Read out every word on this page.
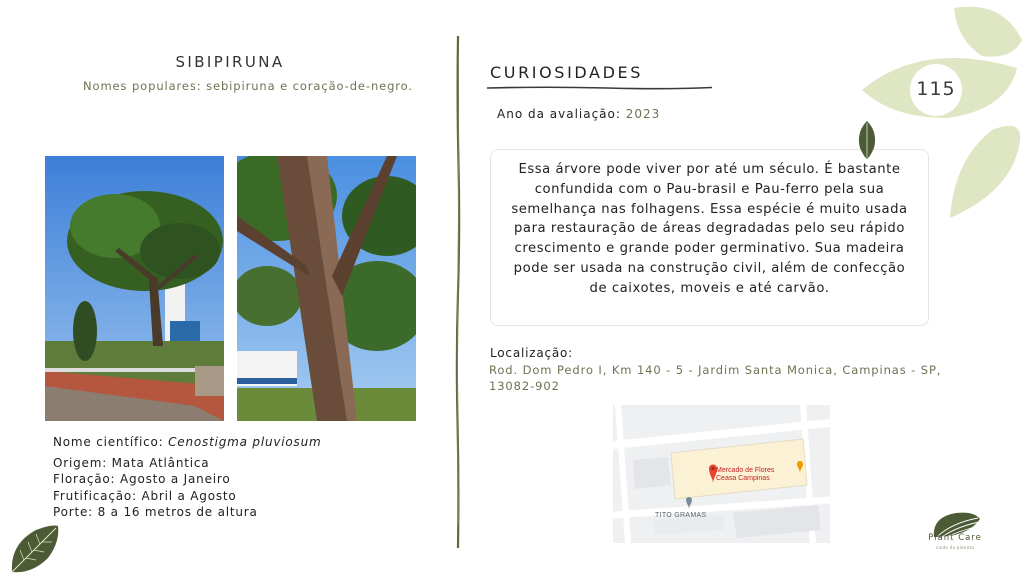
SIBIPIRUNA
Nomes populares: sebipiruna e coração-de-negro.
Nome científico: Cenostigma pluviosum
Origem: Mata Atlântica
Floração: Agosto a Janeiro
Frutificação: Abril a Agosto
Porte: 8 a 16 metros de altura
CURIOSIDADES
Ano da avaliação: 2023

Essa árvore pode viver por até um século. É bastante confundida com o Pau-brasil e Pau-ferro pela sua semelhança nas folhagens. Essa espécie é muito usada para restauração de áreas degradadas pelo seu rápido crescimento e grande poder germinativo. Sua madeira pode ser usada na construção civil, além de confecção de caixotes, moveis e até carvão.

Localização:
Rod. Dom Pedro I, Km 140 - 5 - Jardim Santa Monica, Campinas - SP, 13082-902
Mercado de Flores
Ceasa Campinas
TITO GRAMAS
115
Plant Care
cuide do planeta
